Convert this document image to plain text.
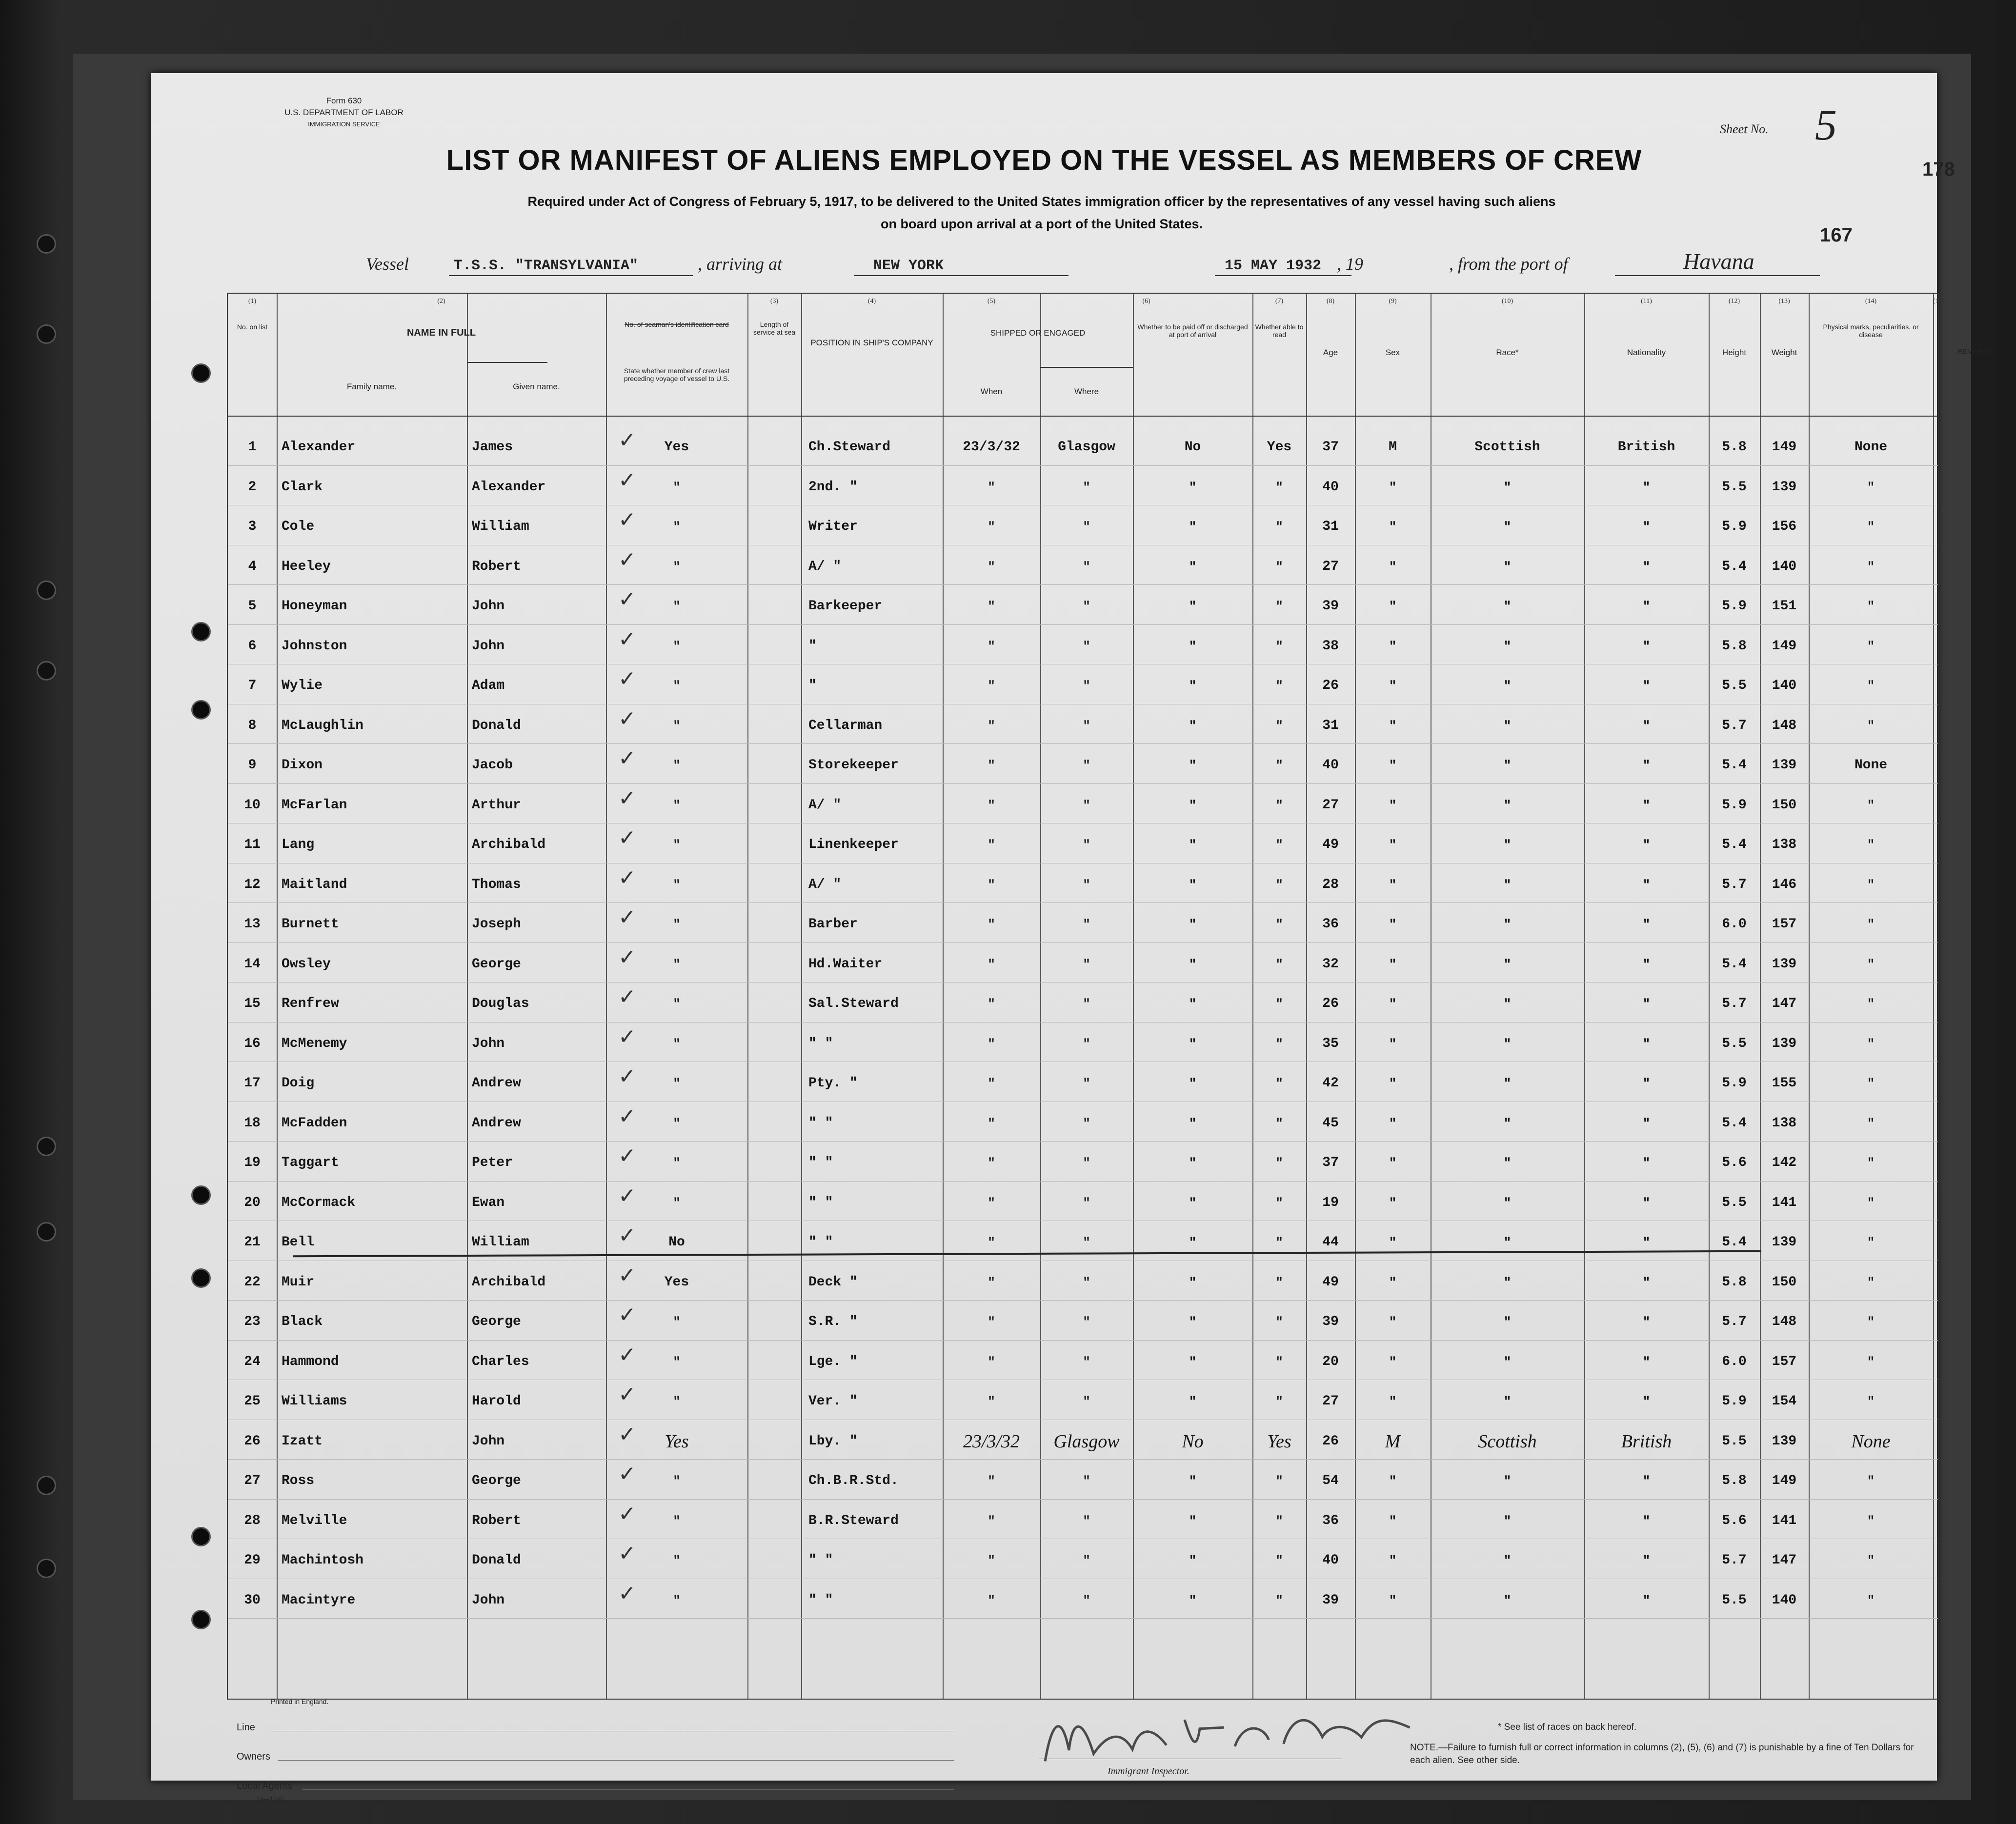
Form 630
U.S. DEPARTMENT OF LABOR
IMMIGRATION SERVICE	Sheet No. 5
178
LIST OR MANIFEST OF ALIENS EMPLOYED ON THE VESSEL AS MEMBERS OF CREW
Required under Act of Congress of February 5, 1917, to be delivered to the United States immigration officer by the representatives of any vessel having such aliens
on board upon arrival at a port of the United States.
167
Vessel	T.S.S. "TRANSYLVANIA"	, arriving at	NEW YORK	15 MAY 1932 , 19	, from the port of	Havana
(1)	(2)	(3)	(4)	(5)	(6)	(7)	(8)	(9)	(10)	(11)	(12)	(13)	(14)	(15)
No. on list
NAME IN FULL
Family name.	Given name.
No. of seaman's identification card
State whether member of crew last preceding voyage of vessel to U.S.
Length of service at sea
POSITION IN SHIP'S COMPANY
SHIPPED OR ENGAGED
When	Where
Whether to be paid off or discharged at port of arrival
Whether able to read
Age	Sex	Race*	Nationality	Height	Weight
Physical marks, peculiarities, or disease
REMARKS
1	Alexander	James	Yes	Ch.Steward	23/3/32	Glasgow	No	Yes	37	M	Scottish	British	5.8	149	None
✓
2	Clark	Alexander	"	2nd. "	"	"	"	"	40	"	"	"	5.5	139	"
✓
3	Cole	William	"	Writer	"	"	"	"	31	"	"	"	5.9	156	"
✓
4	Heeley	Robert	"	A/ "	"	"	"	"	27	"	"	"	5.4	140	"
✓
5	Honeyman	John	"	Barkeeper	"	"	"	"	39	"	"	"	5.9	151	"
✓
6	Johnston	John	"	"	"	"	"	"	38	"	"	"	5.8	149	"
✓
7	Wylie	Adam	"	"	"	"	"	"	26	"	"	"	5.5	140	"
✓
8	McLaughlin	Donald	"	Cellarman	"	"	"	"	31	"	"	"	5.7	148	"
✓
9	Dixon	Jacob	"	Storekeeper	"	"	"	"	40	"	"	"	5.4	139	None
✓
10	McFarlan	Arthur	"	A/ "	"	"	"	"	27	"	"	"	5.9	150	"
✓
11	Lang	Archibald	"	Linenkeeper	"	"	"	"	49	"	"	"	5.4	138	"
✓
12	Maitland	Thomas	"	A/ "	"	"	"	"	28	"	"	"	5.7	146	"
✓
13	Burnett	Joseph	"	Barber	"	"	"	"	36	"	"	"	6.0	157	"
✓
14	Owsley	George	"	Hd.Waiter	"	"	"	"	32	"	"	"	5.4	139	"
✓
15	Renfrew	Douglas	"	Sal.Steward	"	"	"	"	26	"	"	"	5.7	147	"
✓
16	McMenemy	John	"	" "	"	"	"	"	35	"	"	"	5.5	139	"
✓
17	Doig	Andrew	"	Pty. "	"	"	"	"	42	"	"	"	5.9	155	"
✓
18	McFadden	Andrew	"	" "	"	"	"	"	45	"	"	"	5.4	138	"
✓
19	Taggart	Peter	"	" "	"	"	"	"	37	"	"	"	5.6	142	"
✓
20	McCormack	Ewan	"	" "	"	"	"	"	19	"	"	"	5.5	141	"
✓
21	Bell	William	No	" "	"	"	"	"	44	"	"	"	5.4	139	"
✓
22	Muir	Archibald	Yes	Deck "	"	"	"	"	49	"	"	"	5.8	150	"
✓
23	Black	George	"	S.R. "	"	"	"	"	39	"	"	"	5.7	148	"
✓
24	Hammond	Charles	"	Lge. "	"	"	"	"	20	"	"	"	6.0	157	"
✓
25	Williams	Harold	"	Ver. "	"	"	"	"	27	"	"	"	5.9	154	"
✓
26	Izatt	John	Yes	Lby. "	23/3/32	Glasgow	No	Yes	26	M	Scottish	British	5.5	139	None
✓
27	Ross	George	"	Ch.B.R.Std.	"	"	"	"	54	"	"	"	5.8	149	"
✓
28	Melville	Robert	"	B.R.Steward	"	"	"	"	36	"	"	"	5.6	141	"
✓
29	Machintosh	Donald	"	" "	"	"	"	"	40	"	"	"	5.7	147	"
✓
30	Macintyre	John	"	" "	"	"	"	"	39	"	"	"	5.5	140	"
✓
Printed in England.
Line
Owners
Local Agents
14—1240
Immigrant Inspector.
* See list of races on back hereof.
NOTE.—Failure to furnish full or correct information in columns (2), (5), (6) and (7) is punishable by a fine of Ten Dollars for each alien. See other side.
